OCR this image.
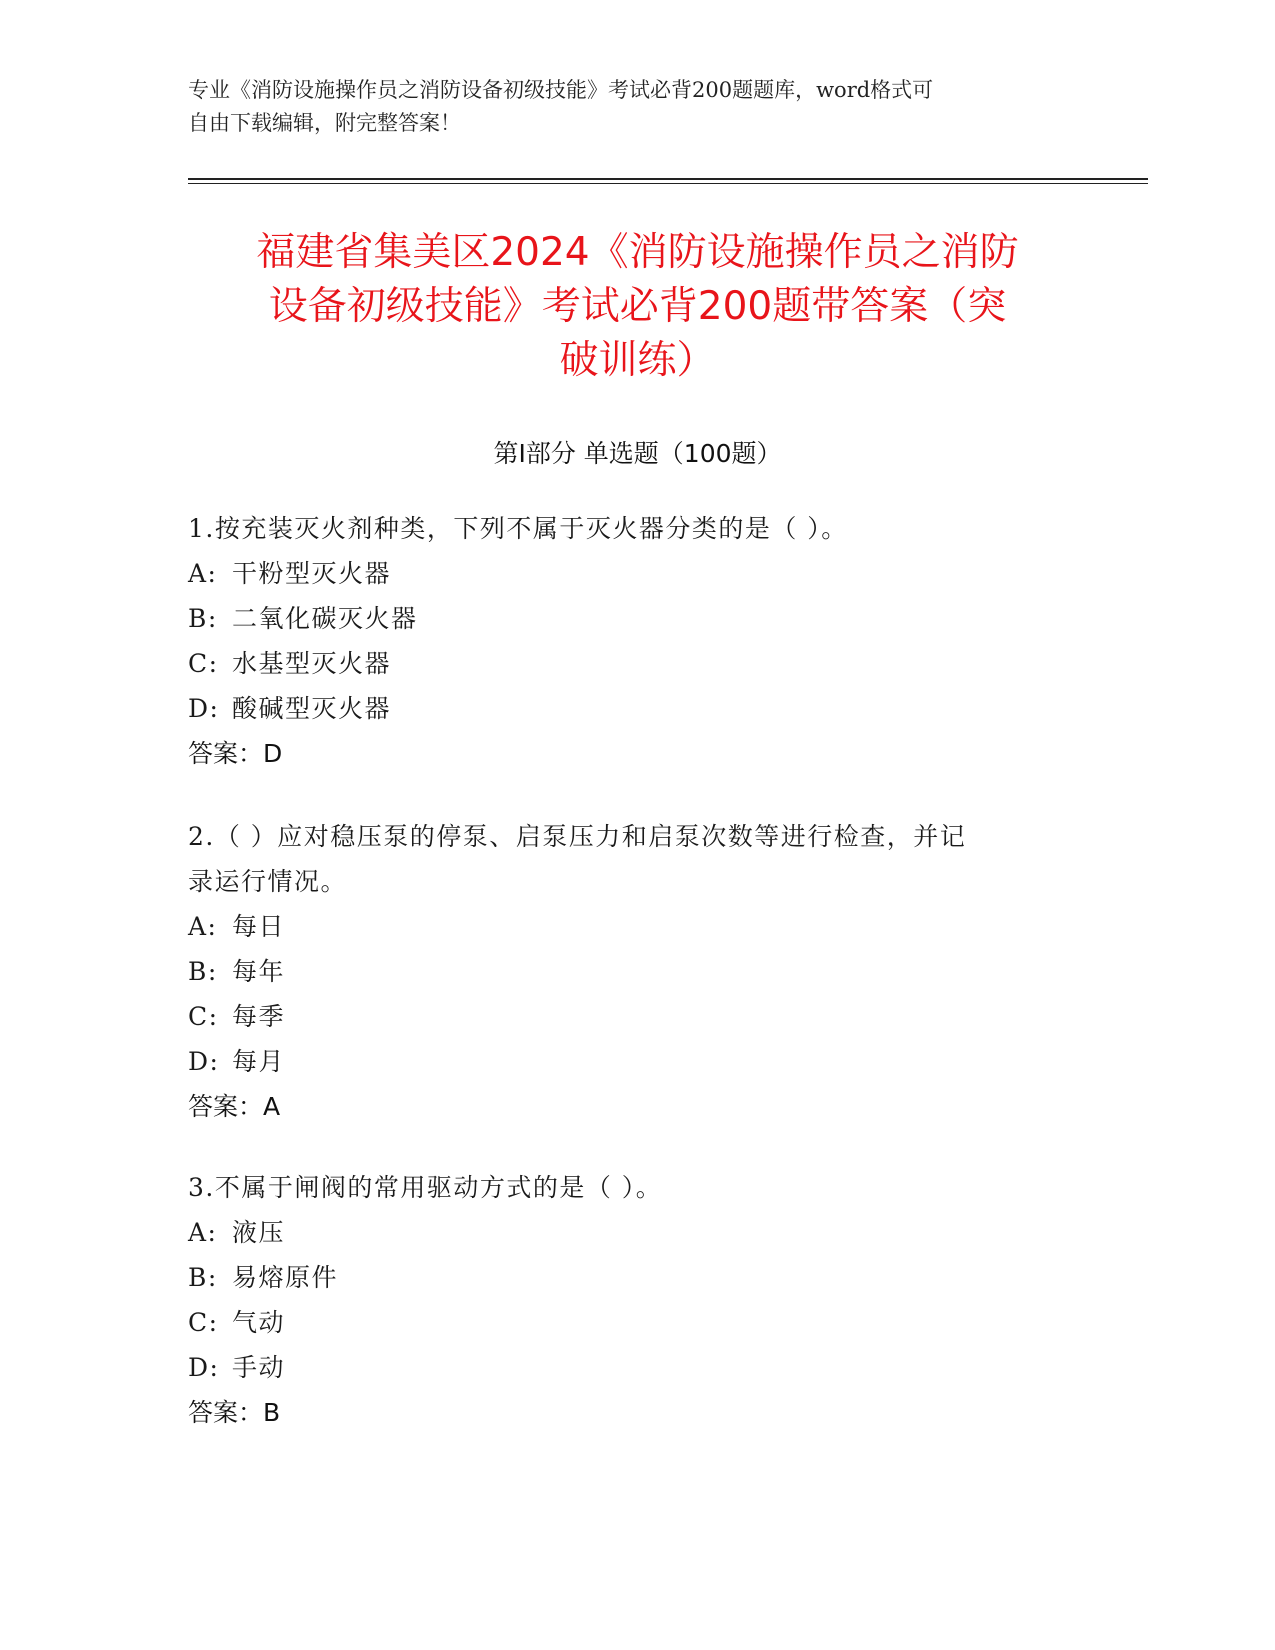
专业《消防设施操作员之消防设备初级技能》考试必背200题题库，word格式可
自由下载编辑，附完整答案！
福建省集美区2024《消防设施操作员之消防
设备初级技能》考试必背200题带答案（突
破训练）
第I部分 单选题（100题）
1.按充装灭火剂种类，下列不属于灭火器分类的是（ ）。
A: 干粉型灭火器
B: 二氧化碳灭火器
C: 水基型灭火器
D: 酸碱型灭火器
答案：D
2.（ ）应对稳压泵的停泵、启泵压力和启泵次数等进行检查，并记
录运行情况。
A: 每日
B: 每年
C: 每季
D: 每月
答案：A
3.不属于闸阀的常用驱动方式的是（ ）。
A: 液压
B: 易熔原件
C: 气动
D: 手动
答案：B
